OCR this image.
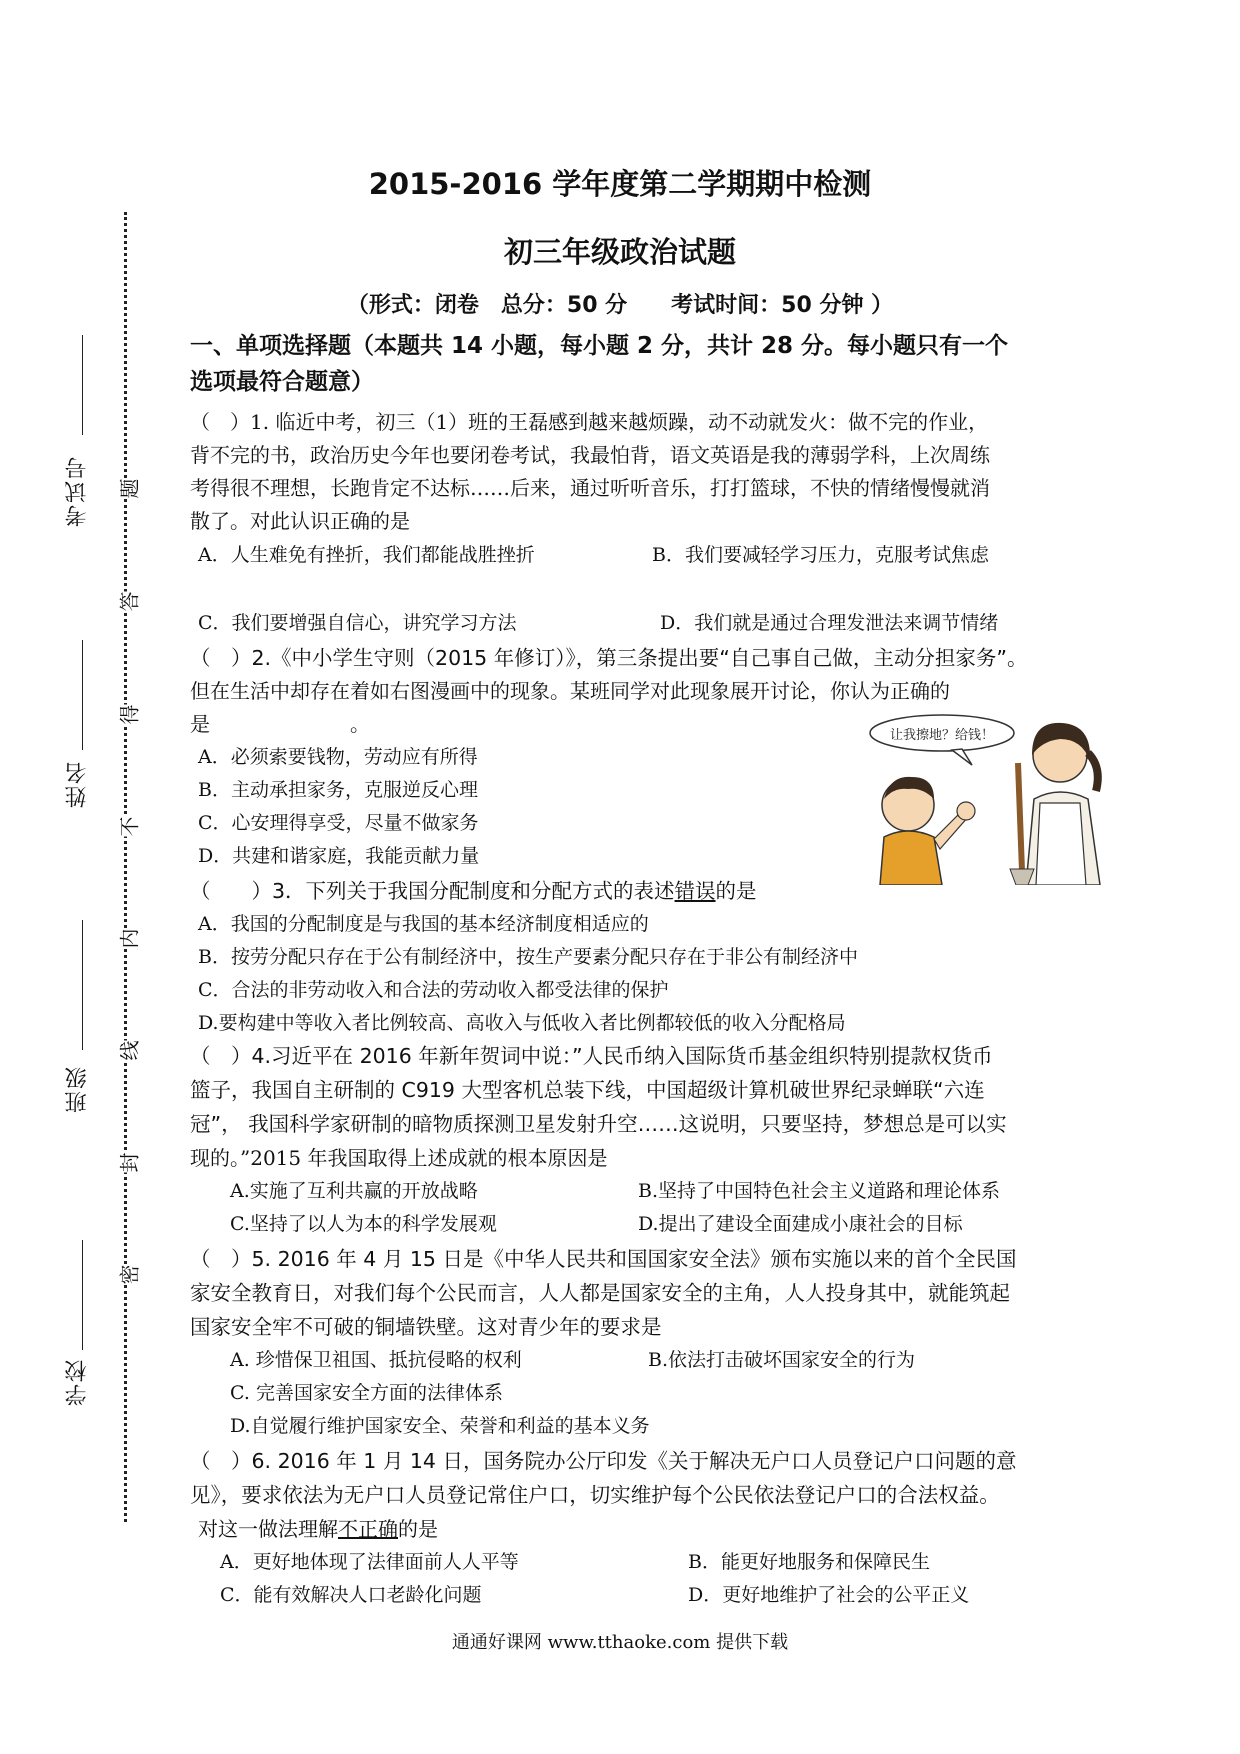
考试号
姓名
班级
学校
题
答
得
不
内
线
封
密
2015-2016 学年度第二学期期中检测
初三年级政治试题
（形式：闭卷　总分：50 分　　考试时间：50 分钟 ）
一、单项选择题（本题共 14 小题，每小题 2 分，共计 28 分。每小题只有一个
选项最符合题意）
（　）1. 临近中考，初三（1）班的王磊感到越来越烦躁，动不动就发火：做不完的作业，
背不完的书，政治历史今年也要闭卷考试，我最怕背，语文英语是我的薄弱学科，上次周练
考得很不理想，长跑肯定不达标……后来，通过听听音乐，打打篮球，不快的情绪慢慢就消
散了。对此认识正确的是
A．人生难免有挫折，我们都能战胜挫折	B．我们要减轻学习压力，克服考试焦虑
C．我们要增强自信心，讲究学习方法	D．我们就是通过合理发泄法来调节情绪
（　）2.《中小学生守则（2015 年修订）》，第三条提出要“自己事自己做，主动分担家务”。
但在生活中却存在着如右图漫画中的现象。某班同学对此现象展开讨论，你认为正确的
是　　　　　　　。
A．必须索要钱物，劳动应有所得
B．主动承担家务，克服逆反心理
C．心安理得享受，尽量不做家务
D．共建和谐家庭，我能贡献力量
让我擦地？给钱！
（　　）3．下列关于我国分配制度和分配方式的表述错误的是
A．我国的分配制度是与我国的基本经济制度相适应的
B．按劳分配只存在于公有制经济中，按生产要素分配只存在于非公有制经济中
C．合法的非劳动收入和合法的劳动收入都受法律的保护
D.要构建中等收入者比例较高、高收入与低收入者比例都较低的收入分配格局
（　）4.习近平在 2016 年新年贺词中说：”人民币纳入国际货币基金组织特别提款权货币
篮子，我国自主研制的 C919 大型客机总装下线，中国超级计算机破世界纪录蝉联“六连
冠”， 我国科学家研制的暗物质探测卫星发射升空……这说明，只要坚持，梦想总是可以实
现的。”2015 年我国取得上述成就的根本原因是
A.实施了互利共赢的开放战略	B.坚持了中国特色社会主义道路和理论体系
C.坚持了以人为本的科学发展观	D.提出了建设全面建成小康社会的目标
（　）5. 2016 年 4 月 15 日是《中华人民共和国国家安全法》颁布实施以来的首个全民国
家安全教育日，对我们每个公民而言，人人都是国家安全的主角，人人投身其中，就能筑起
国家安全牢不可破的铜墙铁壁。这对青少年的要求是
A. 珍惜保卫祖国、抵抗侵略的权利	B.依法打击破坏国家安全的行为
C. 完善国家安全方面的法律体系
D.自觉履行维护国家安全、荣誉和利益的基本义务
（　）6. 2016 年 1 月 14 日，国务院办公厅印发《关于解决无户口人员登记户口问题的意
见》，要求依法为无户口人员登记常住户口，切实维护每个公民依法登记户口的合法权益。
对这一做法理解不正确的是
A．更好地体现了法律面前人人平等	B．能更好地服务和保障民生
C．能有效解决人口老龄化问题	D．更好地维护了社会的公平正义
通通好课网 www.tthaoke.com 提供下载
